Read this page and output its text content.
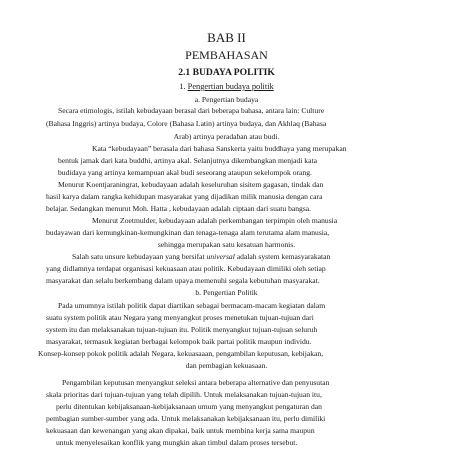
BAB II
PEMBAHASAN
2.1 BUDAYA POLITIK
1. Pengertian budaya politik
a. Pengertian budaya
Secara etimologis, istilah kebudayaan berasal dari beberapa bahasa, antara lain: Culture
(Bahasa Inggris) artinya budaya, Colore (Bahasa Latin) artinya budaya, dan Akhlaq (Bahasa
Arab) artinya peradaban atau budi.
Kata “kebudayaan” berasala dari bahasa Sanskerta yaitu buddhaya yang merupakan
bentuk jamak dari kata buddhi, artinya akal. Selanjutnya dikembangkan menjadi kata
budidaya yang artinya kemampuan akal budi seseorang ataupun sekelompok orang.
Menurut Koentjaraningrat, kebudayaan adalah keseluruhan sisitem gagasan, tindak dan
hasil karya dalam rangka kehidupan masyarakat yang dijadikan milik manusia dengan cara
belajar. Sedangkan menurut Moh. Hatta , kebudayaan adalah ciptaan dari suatu bangsa.
Menurut Zoetmulder, kebudayaan adalah perkembangan terpimpin oleh manusia
budayawan dari kemungkinan-kemungkinan dan tenaga-tenaga alam terutama alam manusia,
sehingga merupakan satu kesatuan harmonis.
Salah satu unsure kebudayaan yang bersifat universal adalah system kemasyarakatan
yang didlamnya terdapat organisasi kekuasaan atau politik. Kebudayaan dimiliki oleh setiap
masyarakat dan selalu berkembang dalam upaya memenuhi segala kebutuhan masyarakat.
b. Pengertian Politik
Pada umumnya istilah politik dapat diartikan sebagai bermacam-macam kegiatan dalam
suatu system politik atau Negara yang menyangkut proses menetukan tujuan-tujuan dari
system itu dan melaksanakan tujuan-tujuan itu. Politik menyangkut tujuan-tujuan seluruh
masyarakat, termasuk kegiatan berbagai kelompok baik partai politik maupun individu.
Konsep-konsep pokok politik adalah Negara, kekuasaaan, pengambilan keputusan, kebijakan,
dan pembagian kekuasaan.
Pengambilan keputusan menyangkut seleksi antara beberapa alternative dan penyusutan
skala prioritas dari tujuan-tujuan yang telah dipilih. Untuk melaksanakan tujuan-tujuan itu,
perlu ditentukan kebijaksanaan-kebijaksanaan umum yang menyangkut pengaturan dan
pembagian sumber-sumber yang ada. Untuk melaksanakan kebijaksanaan itu, perlu dimiliki
kekuasaan dan kewenangan yang akan dipakai, baik untuk membina kerja sama maupun
untuk menyelesaikan konflik yang mungkin akan timbul dalam proses tersebut.
